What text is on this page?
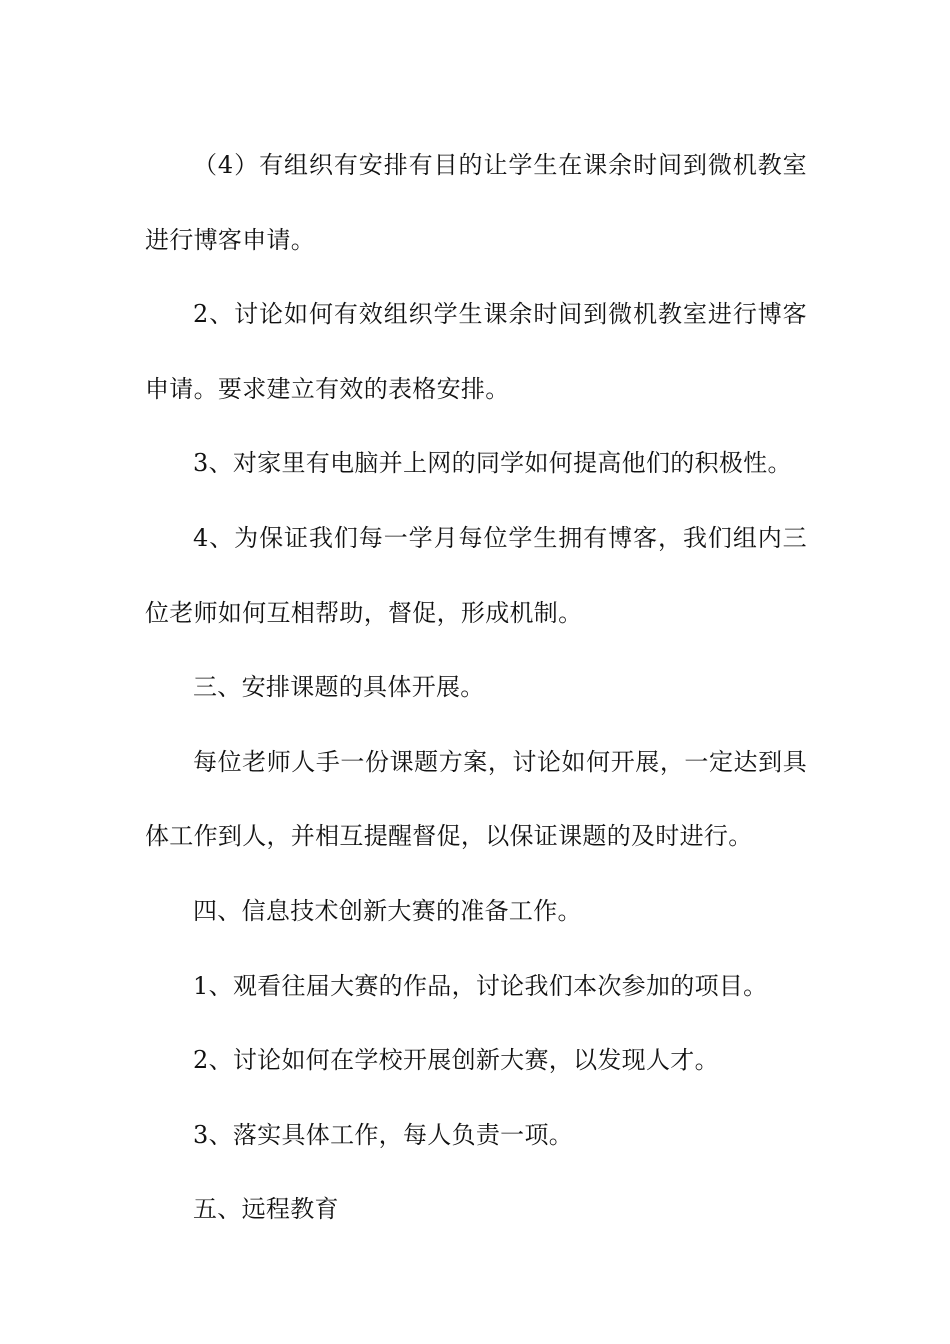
（4）有组织有安排有目的让学生在课余时间到微机教室进行博客申请。

2、讨论如何有效组织学生课余时间到微机教室进行博客申请。要求建立有效的表格安排。

3、对家里有电脑并上网的同学如何提高他们的积极性。

4、为保证我们每一学月每位学生拥有博客，我们组内三位老师如何互相帮助，督促，形成机制。

三、安排课题的具体开展。

每位老师人手一份课题方案，讨论如何开展，一定达到具体工作到人，并相互提醒督促，以保证课题的及时进行。

四、信息技术创新大赛的准备工作。

1、观看往届大赛的作品，讨论我们本次参加的项目。

2、讨论如何在学校开展创新大赛，以发现人才。

3、落实具体工作，每人负责一项。

五、远程教育
